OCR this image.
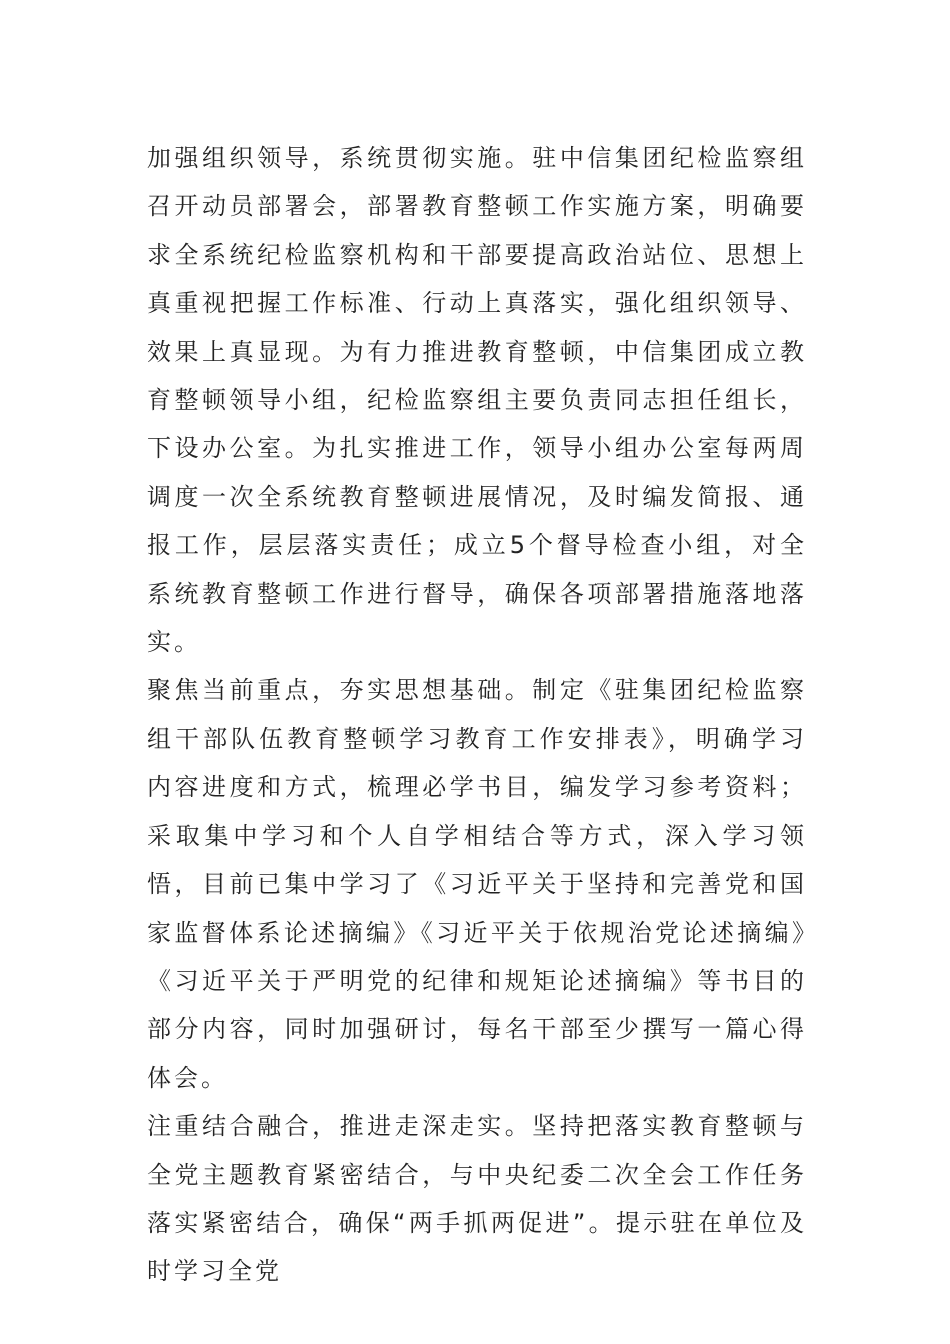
加强组织领导，系统贯彻实施。驻中信集团纪检监察组召开动员部署会，部署教育整顿工作实施方案，明确要求全系统纪检监察机构和干部要提高政治站位、思想上真重视把握工作标准、行动上真落实，强化组织领导、效果上真显现。为有力推进教育整顿，中信集团成立教育整顿领导小组，纪检监察组主要负责同志担任组长，下设办公室。为扎实推进工作，领导小组办公室每两周调度一次全系统教育整顿进展情况，及时编发简报、通报工作，层层落实责任；成立5个督导检查小组，对全系统教育整顿工作进行督导，确保各项部署措施落地落实。

聚焦当前重点，夯实思想基础。制定《驻集团纪检监察组干部队伍教育整顿学习教育工作安排表》，明确学习内容进度和方式，梳理必学书目，编发学习参考资料；采取集中学习和个人自学相结合等方式，深入学习领悟，目前已集中学习了《习近平关于坚持和完善党和国家监督体系论述摘编》《习近平关于依规治党论述摘编》《习近平关于严明党的纪律和规矩论述摘编》等书目的部分内容，同时加强研讨，每名干部至少撰写一篇心得体会。

注重结合融合，推进走深走实。坚持把落实教育整顿与全党主题教育紧密结合，与中央纪委二次全会工作任务落实紧密结合，确保“两手抓两促进”。提示驻在单位及时学习全党
